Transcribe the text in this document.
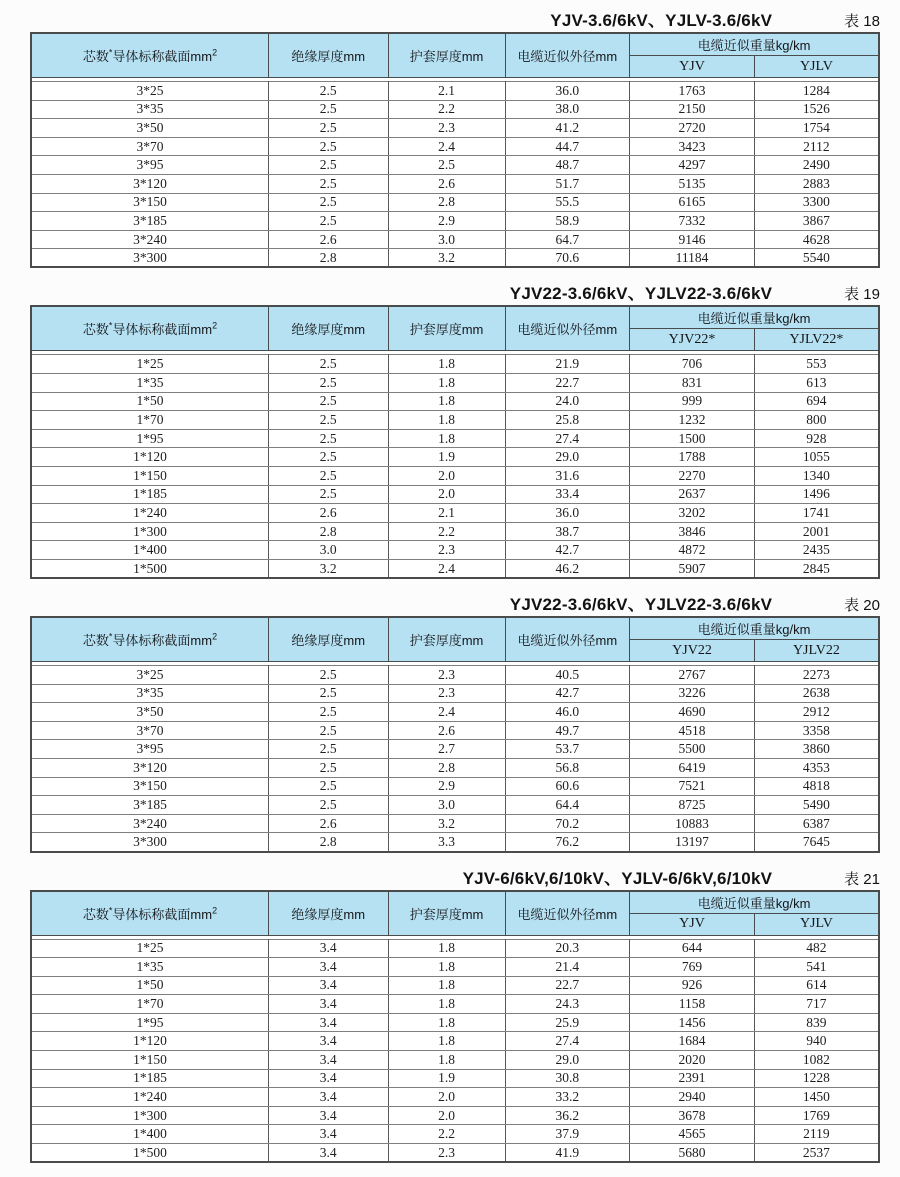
YJV-3.6/6kV、YJLV-3.6/6kV	表 18
芯数*导体标称截面$mm^2$	绝缘厚度mm	护套厚度mm	电缆近似外径mm	电缆近似重量kg/km	
				YJV	YJLV

3*25	2.5	2.1	36.0	1763	1284
3*35	2.5	2.2	38.0	2150	1526
3*50	2.5	2.3	41.2	2720	1754
3*70	2.5	2.4	44.7	3423	2112
3*95	2.5	2.5	48.7	4297	2490
3*120	2.5	2.6	51.7	5135	2883
3*150	2.5	2.8	55.5	6165	3300
3*185	2.5	2.9	58.9	7332	3867
3*240	2.6	3.0	64.7	9146	4628
3*300	2.8	3.2	70.6	11184	5540
YJV22-3.6/6kV、YJLV22-3.6/6kV	表 19
芯数*导体标称截面$mm^2$	绝缘厚度mm	护套厚度mm	电缆近似外径mm	电缆近似重量kg/km	
				YJV22*	YJLV22*

1*25	2.5	1.8	21.9	706	553
1*35	2.5	1.8	22.7	831	613
1*50	2.5	1.8	24.0	999	694
1*70	2.5	1.8	25.8	1232	800
1*95	2.5	1.8	27.4	1500	928
1*120	2.5	1.9	29.0	1788	1055
1*150	2.5	2.0	31.6	2270	1340
1*185	2.5	2.0	33.4	2637	1496
1*240	2.6	2.1	36.0	3202	1741
1*300	2.8	2.2	38.7	3846	2001
1*400	3.0	2.3	42.7	4872	2435
1*500	3.2	2.4	46.2	5907	2845
YJV22-3.6/6kV、YJLV22-3.6/6kV	表 20
芯数*导体标称截面$mm^2$	绝缘厚度mm	护套厚度mm	电缆近似外径mm	电缆近似重量kg/km	
				YJV22	YJLV22

3*25	2.5	2.3	40.5	2767	2273
3*35	2.5	2.3	42.7	3226	2638
3*50	2.5	2.4	46.0	4690	2912
3*70	2.5	2.6	49.7	4518	3358
3*95	2.5	2.7	53.7	5500	3860
3*120	2.5	2.8	56.8	6419	4353
3*150	2.5	2.9	60.6	7521	4818
3*185	2.5	3.0	64.4	8725	5490
3*240	2.6	3.2	70.2	10883	6387
3*300	2.8	3.3	76.2	13197	7645
YJV-6/6kV,6/10kV、YJLV-6/6kV,6/10kV	表 21
芯数*导体标称截面$mm^2$	绝缘厚度mm	护套厚度mm	电缆近似外径mm	电缆近似重量kg/km	
				YJV	YJLV

1*25	3.4	1.8	20.3	644	482
1*35	3.4	1.8	21.4	769	541
1*50	3.4	1.8	22.7	926	614
1*70	3.4	1.8	24.3	1158	717
1*95	3.4	1.8	25.9	1456	839
1*120	3.4	1.8	27.4	1684	940
1*150	3.4	1.8	29.0	2020	1082
1*185	3.4	1.9	30.8	2391	1228
1*240	3.4	2.0	33.2	2940	1450
1*300	3.4	2.0	36.2	3678	1769
1*400	3.4	2.2	37.9	4565	2119
1*500	3.4	2.3	41.9	5680	2537
